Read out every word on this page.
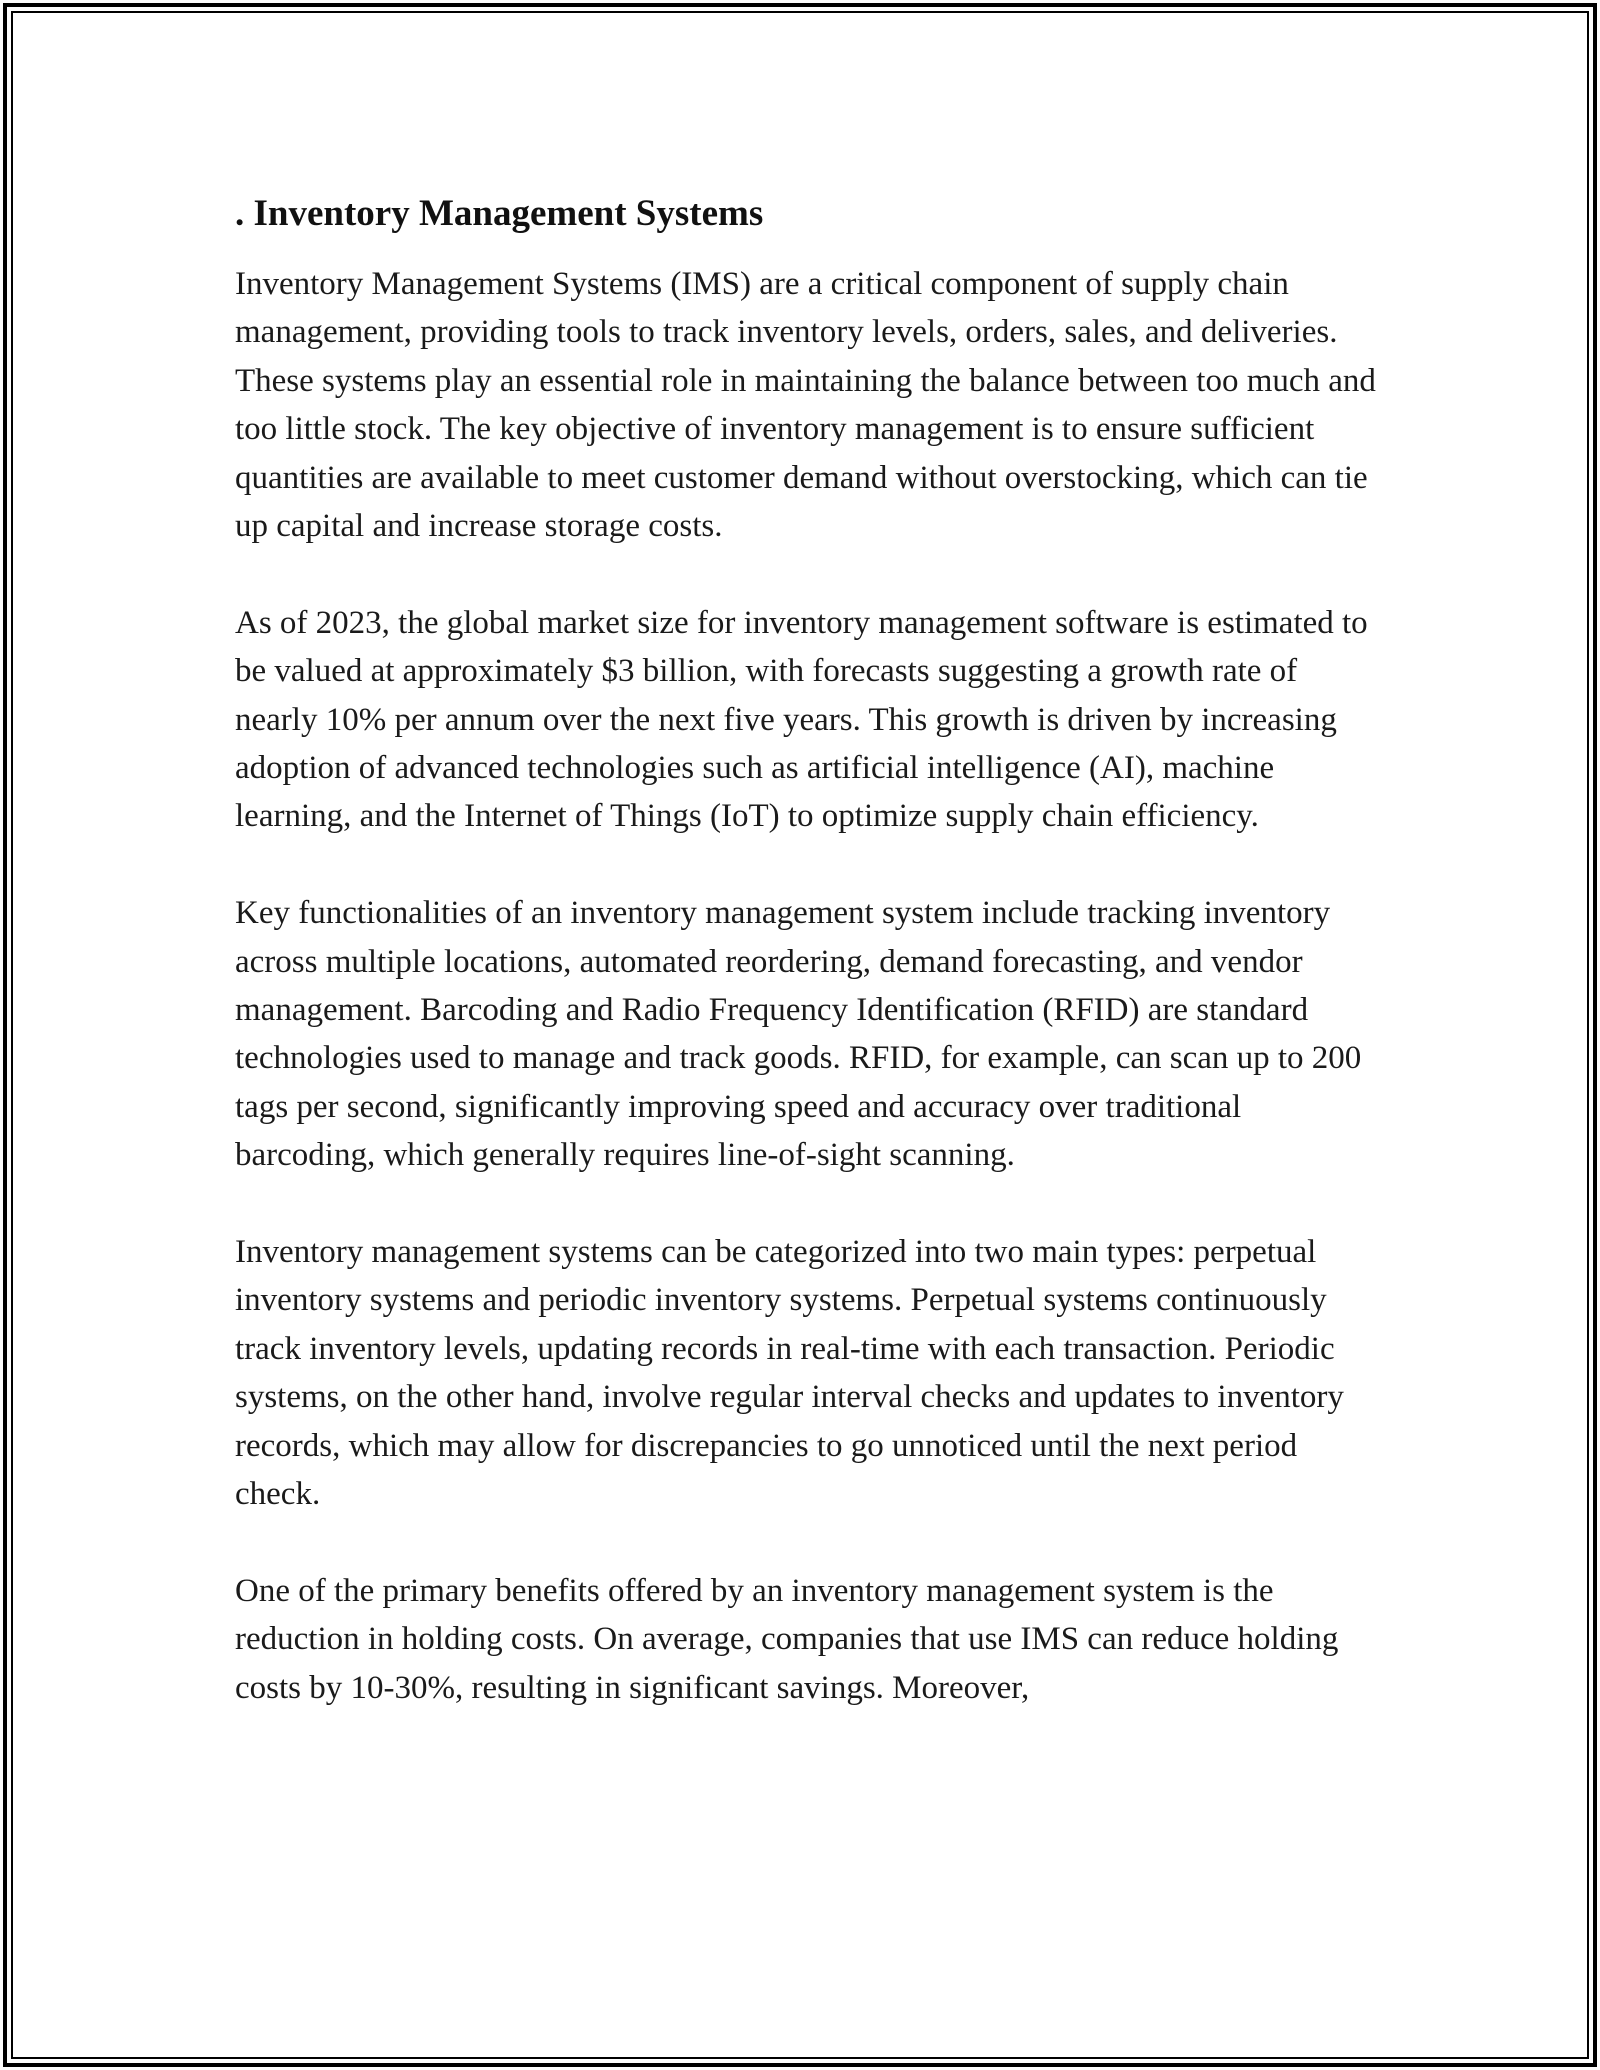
. Inventory Management Systems

Inventory Management Systems (IMS) are a critical component of supply chain management, providing tools to track inventory levels, orders, sales, and deliveries. These systems play an essential role in maintaining the balance between too much and too little stock. The key objective of inventory management is to ensure sufficient quantities are available to meet customer demand without overstocking, which can tie up capital and increase storage costs.

As of 2023, the global market size for inventory management software is estimated to be valued at approximately $3 billion, with forecasts suggesting a growth rate of nearly 10% per annum over the next five years. This growth is driven by increasing adoption of advanced technologies such as artificial intelligence (AI), machine learning, and the Internet of Things (IoT) to optimize supply chain efficiency.

Key functionalities of an inventory management system include tracking inventory across multiple locations, automated reordering, demand forecasting, and vendor management. Barcoding and Radio Frequency Identification (RFID) are standard technologies used to manage and track goods. RFID, for example, can scan up to 200 tags per second, significantly improving speed and accuracy over traditional barcoding, which generally requires line-of-sight scanning.

Inventory management systems can be categorized into two main types: perpetual inventory systems and periodic inventory systems. Perpetual systems continuously track inventory levels, updating records in real-time with each transaction. Periodic systems, on the other hand, involve regular interval checks and updates to inventory records, which may allow for discrepancies to go unnoticed until the next period check.

One of the primary benefits offered by an inventory management system is the reduction in holding costs. On average, companies that use IMS can reduce holding costs by 10-30%, resulting in significant savings. Moreover,
